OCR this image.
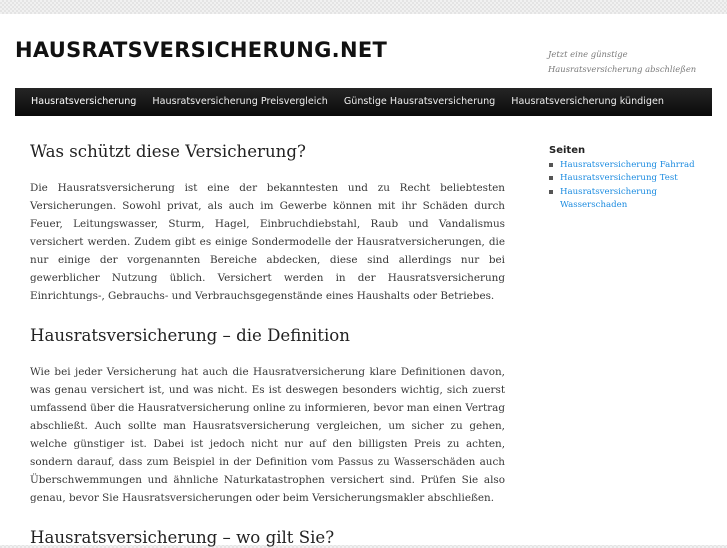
HAUSRATSVERSICHERUNG.NET	Jetzt eine günstige Hausratsversicherung abschließen
Hausratsversicherung	Hausratsversicherung Preisvergleich	Günstige Hausratsversicherung	Hausratsversicherung kündigen
Was schützt diese Versicherung?

Die Hausratsversicherung ist eine der bekanntesten und zu Recht beliebtesten Versicherungen. Sowohl privat, als auch im Gewerbe können mit ihr Schäden durch Feuer, Leitungswasser, Sturm, Hagel, Einbruchdiebstahl, Raub und Vandalismus versichert werden. Zudem gibt es einige Sondermodelle der Hausratversicherungen, die nur einige der vorgenannten Bereiche abdecken, diese sind allerdings nur bei gewerblicher Nutzung üblich. Versichert werden in der Hausratsversicherung Einrichtungs-, Gebrauchs- und Verbrauchsgegenstände eines Haushalts oder Betriebes.

Hausratsversicherung – die Definition

Wie bei jeder Versicherung hat auch die Hausratversicherung klare Definitionen davon, was genau versichert ist, und was nicht. Es ist deswegen besonders wichtig, sich zuerst umfassend über die Hausratversicherung online zu informieren, bevor man einen Vertrag abschließt. Auch sollte man Hausratsversicherung vergleichen, um sicher zu gehen, welche günstiger ist. Dabei ist jedoch nicht nur auf den billigsten Preis zu achten, sondern darauf, dass zum Beispiel in der Definition vom Passus zu Wasserschäden auch Überschwemmungen und ähnliche Naturkatastrophen versichert sind. Prüfen Sie also genau, bevor Sie Hausratsversicherungen oder beim Versicherungsmakler abschließen.

Hausratsversicherung – wo gilt Sie?
Seiten
Hausratsversicherung Fahrrad
Hausratsversicherung Test
Hausratsversicherung Wasserschaden
